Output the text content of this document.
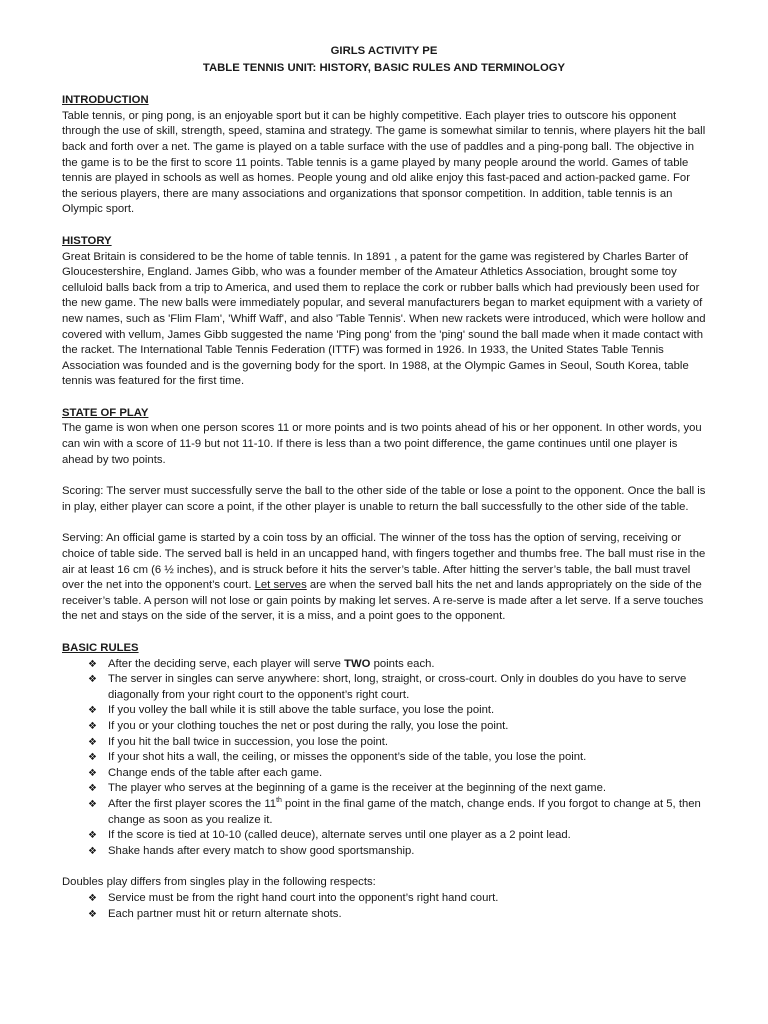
GIRLS ACTIVITY PE

TABLE TENNIS UNIT: HISTORY, BASIC RULES AND TERMINOLOGY

INTRODUCTION

Table tennis, or ping pong, is an enjoyable sport but it can be highly competitive. Each player tries to outscore his opponent through the use of skill, strength, speed, stamina and strategy. The game is somewhat similar to tennis, where players hit the ball back and forth over a net. The game is played on a table surface with the use of paddles and a ping-pong ball. The objective in the game is to be the first to score 11 points. Table tennis is a game played by many people around the world. Games of table tennis are played in schools as well as homes. People young and old alike enjoy this fast-paced and action-packed game. For the serious players, there are many associations and organizations that sponsor competition. In addition, table tennis is an Olympic sport.

HISTORY

Great Britain is considered to be the home of table tennis. In 1891 , a patent for the game was registered by Charles Barter of Gloucestershire, England. James Gibb, who was a founder member of the Amateur Athletics Association, brought some toy celluloid balls back from a trip to America, and used them to replace the cork or rubber balls which had previously been used for the new game. The new balls were immediately popular, and several manufacturers began to market equipment with a variety of new names, such as 'Flim Flam', 'Whiff Waff', and also 'Table Tennis'. When new rackets were introduced, which were hollow and covered with vellum, James Gibb suggested the name 'Ping pong' from the 'ping' sound the ball made when it made contact with the racket. The International Table Tennis Federation (ITTF) was formed in 1926. In 1933, the United States Table Tennis Association was founded and is the governing body for the sport. In 1988, at the Olympic Games in Seoul, South Korea, table tennis was featured for the first time.

STATE OF PLAY

The game is won when one person scores 11 or more points and is two points ahead of his or her opponent. In other words, you can win with a score of 11-9 but not 11-10. If there is less than a two point difference, the game continues until one player is ahead by two points.

Scoring: The server must successfully serve the ball to the other side of the table or lose a point to the opponent. Once the ball is in play, either player can score a point, if the other player is unable to return the ball successfully to the other side of the table.

Serving: An official game is started by a coin toss by an official. The winner of the toss has the option of serving, receiving or choice of table side. The served ball is held in an uncapped hand, with fingers together and thumbs free. The ball must rise in the air at least 16 cm (6 ½ inches), and is struck before it hits the server’s table. After hitting the server’s table, the ball must travel over the net into the opponent’s court. Let serves are when the served ball hits the net and lands appropriately on the side of the receiver’s table. A person will not lose or gain points by making let serves. A re-serve is made after a let serve. If a serve touches the net and stays on the side of the server, it is a miss, and a point goes to the opponent.

BASIC RULES

❖ After the deciding serve, each player will serve TWO points each.
❖ The server in singles can serve anywhere: short, long, straight, or cross-court. Only in doubles do you have to serve diagonally from your right court to the opponent’s right court.
❖ If you volley the ball while it is still above the table surface, you lose the point.
❖ If you or your clothing touches the net or post during the rally, you lose the point.
❖ If you hit the ball twice in succession, you lose the point.
❖ If your shot hits a wall, the ceiling, or misses the opponent’s side of the table, you lose the point.
❖ Change ends of the table after each game.
❖ The player who serves at the beginning of a game is the receiver at the beginning of the next game.
❖ After the first player scores the 11th point in the final game of the match, change ends. If you forgot to change at 5, then change as soon as you realize it.
❖ If the score is tied at 10-10 (called deuce), alternate serves until one player as a 2 point lead.
❖ Shake hands after every match to show good sportsmanship.

Doubles play differs from singles play in the following respects:

❖ Service must be from the right hand court into the opponent’s right hand court.
❖ Each partner must hit or return alternate shots.
